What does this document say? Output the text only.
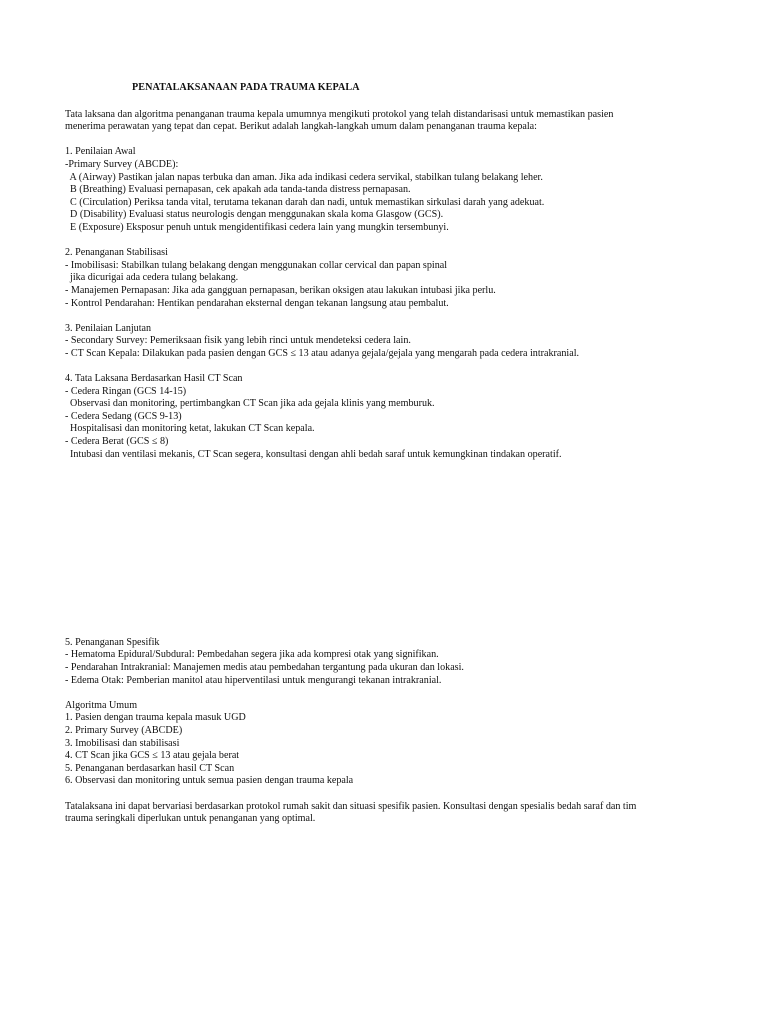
PENATALAKSANAAN PADA TRAUMA KEPALA
Tata laksana dan algoritma penanganan trauma kepala umumnya mengikuti protokol yang telah distandarisasi untuk memastikan pasien
menerima perawatan yang tepat dan cepat. Berikut adalah langkah-langkah umum dalam penanganan trauma kepala:
1. Penilaian Awal
-Primary Survey (ABCDE):
A (Airway) Pastikan jalan napas terbuka dan aman. Jika ada indikasi cedera servikal, stabilkan tulang belakang leher.
B (Breathing) Evaluasi pernapasan, cek apakah ada tanda-tanda distress pernapasan.
C (Circulation) Periksa tanda vital, terutama tekanan darah dan nadi, untuk memastikan sirkulasi darah yang adekuat.
D (Disability) Evaluasi status neurologis dengan menggunakan skala koma Glasgow (GCS).
E (Exposure) Eksposur penuh untuk mengidentifikasi cedera lain yang mungkin tersembunyi.
2. Penanganan Stabilisasi
- Imobilisasi: Stabilkan tulang belakang dengan menggunakan collar cervical dan papan spinal
jika dicurigai ada cedera tulang belakang.
- Manajemen Pernapasan: Jika ada gangguan pernapasan, berikan oksigen atau lakukan intubasi jika perlu.
- Kontrol Pendarahan: Hentikan pendarahan eksternal dengan tekanan langsung atau pembalut.
3. Penilaian Lanjutan
- Secondary Survey: Pemeriksaan fisik yang lebih rinci untuk mendeteksi cedera lain.
- CT Scan Kepala: Dilakukan pada pasien dengan GCS ≤ 13 atau adanya gejala/gejala yang mengarah pada cedera intrakranial.
4. Tata Laksana Berdasarkan Hasil CT Scan
- Cedera Ringan (GCS 14-15)
Observasi dan monitoring, pertimbangkan CT Scan jika ada gejala klinis yang memburuk.
- Cedera Sedang (GCS 9-13)
Hospitalisasi dan monitoring ketat, lakukan CT Scan kepala.
- Cedera Berat (GCS ≤ 8)
Intubasi dan ventilasi mekanis, CT Scan segera, konsultasi dengan ahli bedah saraf untuk kemungkinan tindakan operatif.
5. Penanganan Spesifik
- Hematoma Epidural/Subdural: Pembedahan segera jika ada kompresi otak yang signifikan.
- Pendarahan Intrakranial: Manajemen medis atau pembedahan tergantung pada ukuran dan lokasi.
- Edema Otak: Pemberian manitol atau hiperventilasi untuk mengurangi tekanan intrakranial.
Algoritma Umum
1. Pasien dengan trauma kepala masuk UGD
2. Primary Survey (ABCDE)
3. Imobilisasi dan stabilisasi
4. CT Scan jika GCS ≤ 13 atau gejala berat
5. Penanganan berdasarkan hasil CT Scan
6. Observasi dan monitoring untuk semua pasien dengan trauma kepala
Tatalaksana ini dapat bervariasi berdasarkan protokol rumah sakit dan situasi spesifik pasien. Konsultasi dengan spesialis bedah saraf dan tim
trauma seringkali diperlukan untuk penanganan yang optimal.
